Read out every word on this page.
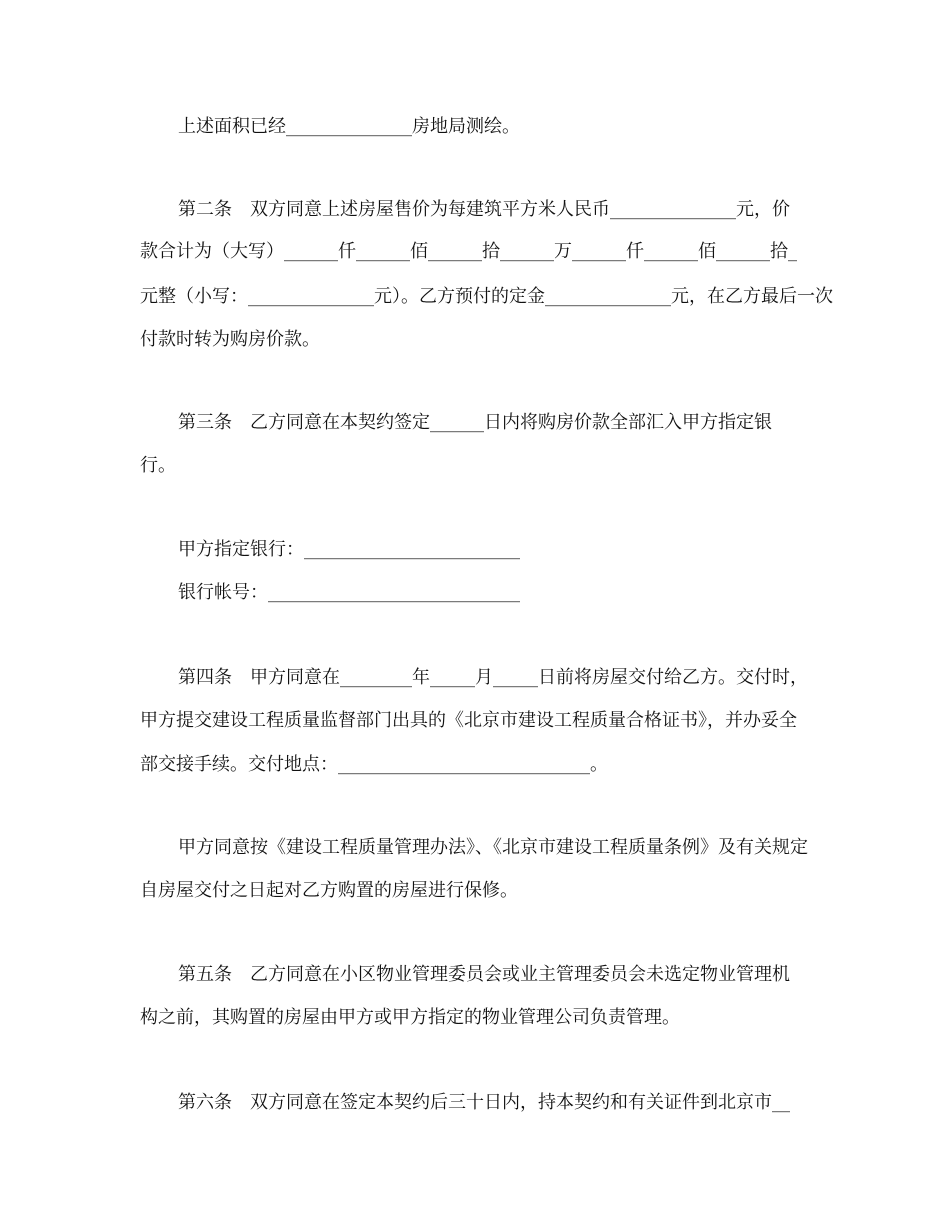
上述面积已经______________房地局测绘。
第二条　双方同意上述房屋售价为每建筑平方米人民币______________元，价
款合计为（大写）______仟______佰______拾______万______仟______佰______拾_
元整（小写：______________元）。乙方预付的定金______________元，在乙方最后一次
付款时转为购房价款。
第三条　乙方同意在本契约签定______日内将购房价款全部汇入甲方指定银
行。
甲方指定银行：________________________
银行帐号：____________________________
第四条　甲方同意在________年_____月_____日前将房屋交付给乙方。交付时，
甲方提交建设工程质量监督部门出具的《北京市建设工程质量合格证书》，并办妥全
部交接手续。交付地点：____________________________。
甲方同意按《建设工程质量管理办法》、《北京市建设工程质量条例》及有关规定
自房屋交付之日起对乙方购置的房屋进行保修。
第五条　乙方同意在小区物业管理委员会或业主管理委员会未选定物业管理机
构之前，其购置的房屋由甲方或甲方指定的物业管理公司负责管理。
第六条　双方同意在签定本契约后三十日内，持本契约和有关证件到北京市__
